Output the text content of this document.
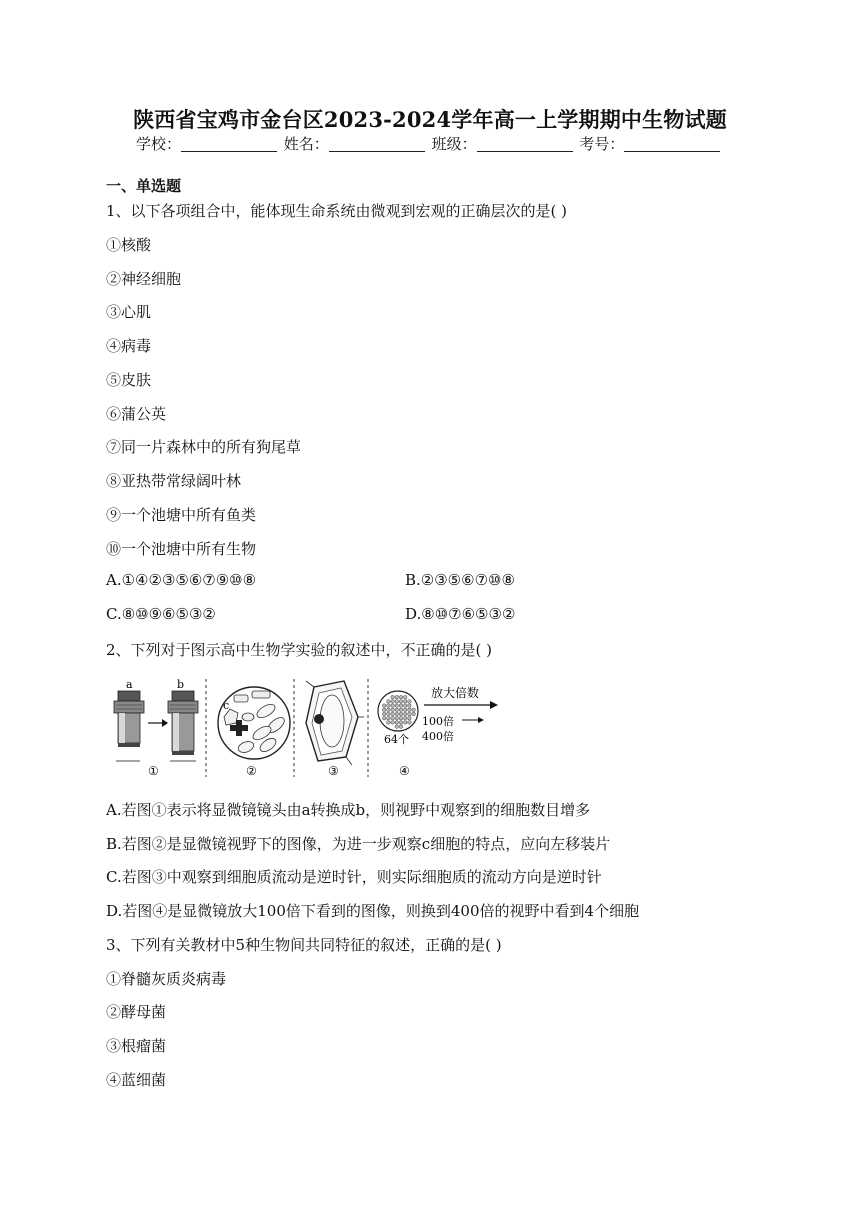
陕西省宝鸡市金台区2023-2024学年高一上学期期中生物试题
学校：	姓名：	班级：	考号：
一、单选题
1、以下各项组合中，能体现生命系统由微观到宏观的正确层次的是( )
①核酸
②神经细胞
③心肌
④病毒
⑤皮肤
⑥蒲公英
⑦同一片森林中的所有狗尾草
⑧亚热带常绿阔叶林
⑨一个池塘中所有鱼类
⑩一个池塘中所有生物
A.①④②③⑤⑥⑦⑨⑩⑧	B.②③⑤⑥⑦⑩⑧
C.⑧⑩⑨⑥⑤③②	D.⑧⑩⑦⑥⑤③②
2、下列对于图示高中生物学实验的叙述中，不正确的是( )
a	b
①
c
②	③
64个
放大倍数
100倍
400倍
④
A.若图①表示将显微镜镜头由a转换成b，则视野中观察到的细胞数目增多
B.若图②是显微镜视野下的图像，为进一步观察c细胞的特点，应向左移装片
C.若图③中观察到细胞质流动是逆时针，则实际细胞质的流动方向是逆时针
D.若图④是显微镜放大100倍下看到的图像，则换到400倍的视野中看到4个细胞
3、下列有关教材中5种生物间共同特征的叙述，正确的是( )
①脊髓灰质炎病毒
②酵母菌
③根瘤菌
④蓝细菌
